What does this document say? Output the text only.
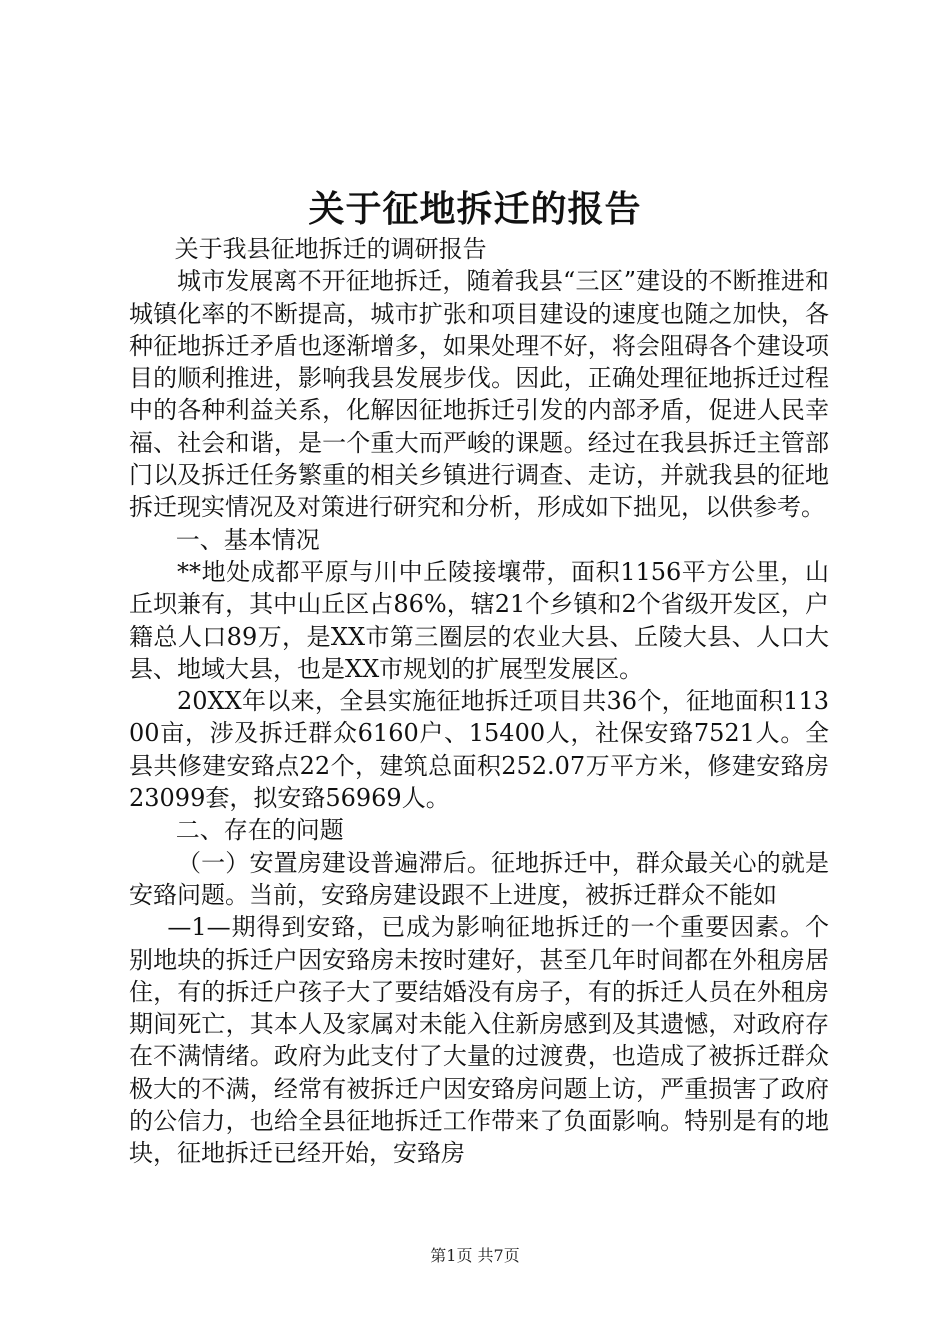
关于征地拆迁的报告

关于我县征地拆迁的调研报告

城市发展离不开征地拆迁，随着我县“三区”建设的不断推进和城镇化率的不断提高，城市扩张和项目建设的速度也随之加快，各种征地拆迁矛盾也逐渐增多，如果处理不好，将会阻碍各个建设项目的顺利推进，影响我县发展步伐。因此，正确处理征地拆迁过程中的各种利益关系，化解因征地拆迁引发的内部矛盾，促进人民幸福、社会和谐，是一个重大而严峻的课题。经过在我县拆迁主管部门以及拆迁任务繁重的相关乡镇进行调查、走访，并就我县的征地拆迁现实情况及对策进行研究和分析，形成如下拙见，以供参考。

一、基本情况

**地处成都平原与川中丘陵接壤带，面积1156平方公里，山丘坝兼有，其中山丘区占86%，辖21个乡镇和2个省级开发区，户籍总人口89万，是XX市第三圈层的农业大县、丘陵大县、人口大县、地域大县，也是XX市规划的扩展型发展区。

20XX年以来，全县实施征地拆迁项目共36个，征地面积11300亩，涉及拆迁群众6160户、15400人，社保安臵7521人。全县共修建安臵点22个，建筑总面积252.07万平方米，修建安臵房23099套，拟安臵56969人。

二、存在的问题

（一）安置房建设普遍滞后。征地拆迁中，群众最关心的就是安臵问题。当前，安臵房建设跟不上进度，被拆迁群众不能如

—1—期得到安臵，已成为影响征地拆迁的一个重要因素。个别地块的拆迁户因安臵房未按时建好，甚至几年时间都在外租房居住，有的拆迁户孩子大了要结婚没有房子，有的拆迁人员在外租房期间死亡，其本人及家属对未能入住新房感到及其遗憾，对政府存在不满情绪。政府为此支付了大量的过渡费，也造成了被拆迁群众极大的不满，经常有被拆迁户因安臵房问题上访，严重损害了政府的公信力，也给全县征地拆迁工作带来了负面影响。特别是有的地块，征地拆迁已经开始，安臵房

第1页 共7页
